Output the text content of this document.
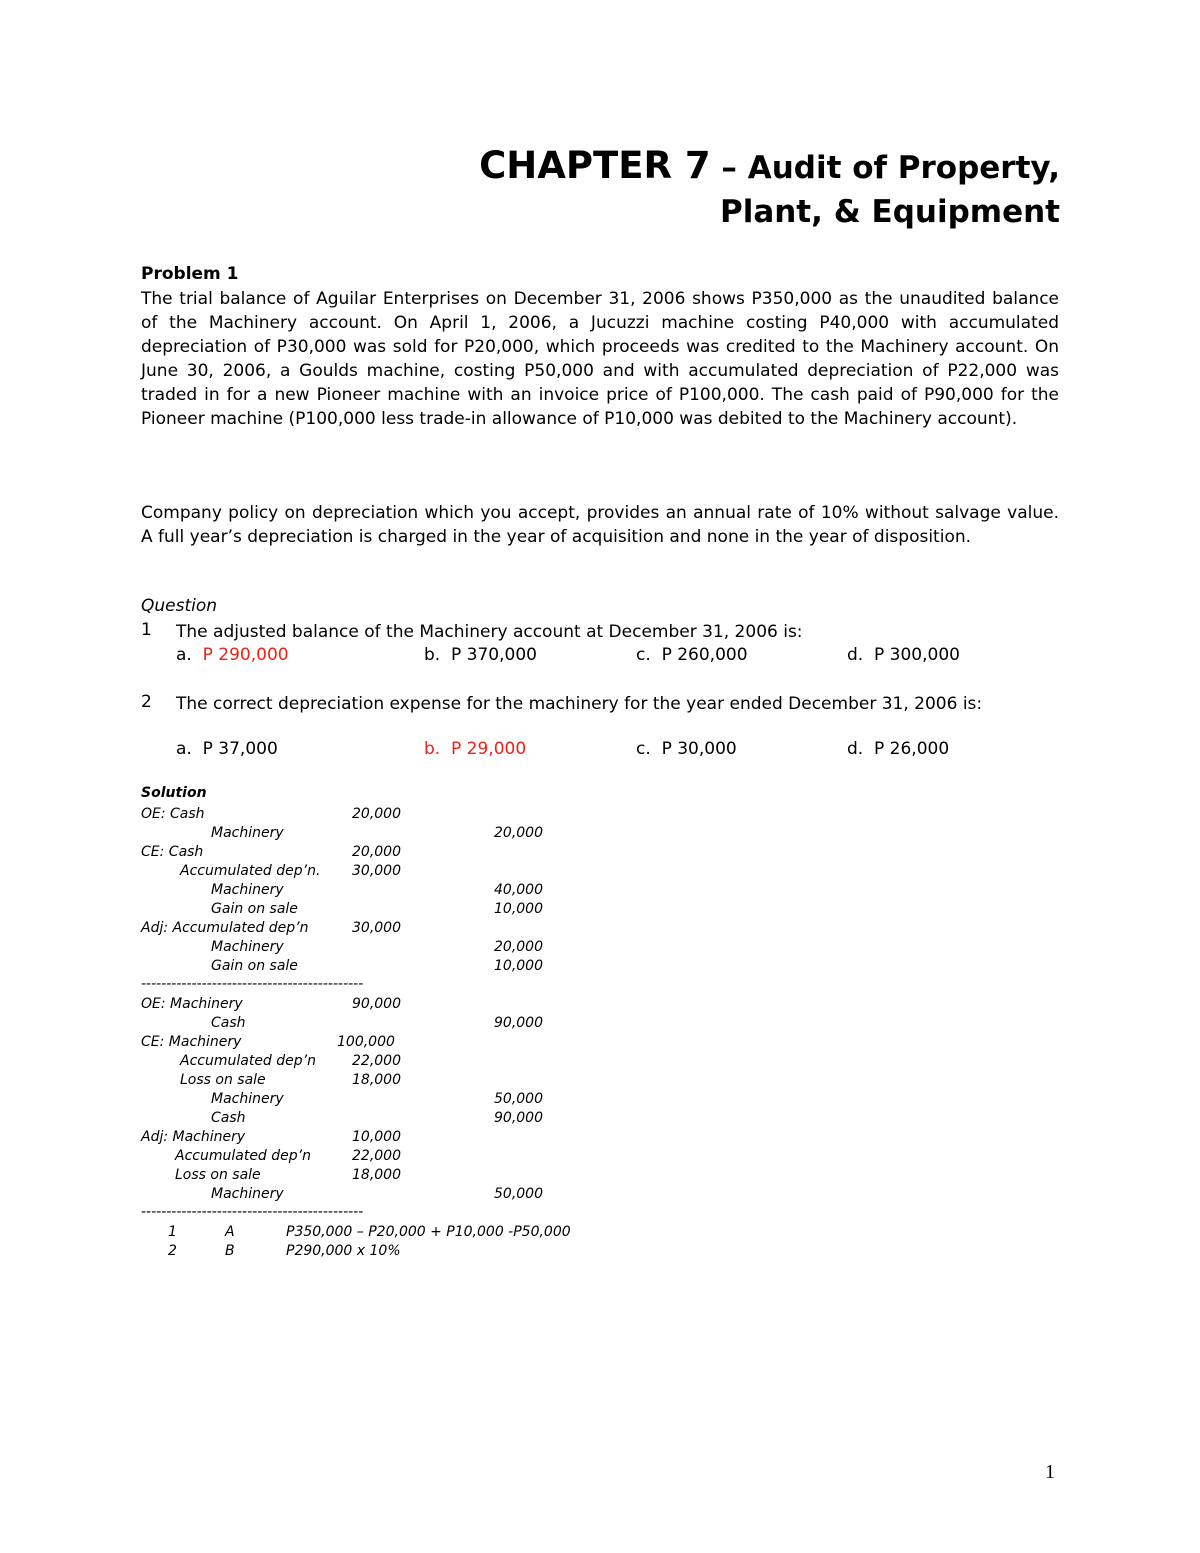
CHAPTER 7 – Audit of Property,
Plant, & Equipment
Problem 1
The trial balance of Aguilar Enterprises on December 31, 2006 shows P350,000 as the unaudited balance of the Machinery account. On April 1, 2006, a Jucuzzi machine costing P40,000 with accumulated depreciation of P30,000 was sold for P20,000, which proceeds was credited to the Machinery account. On June 30, 2006, a Goulds machine, costing P50,000 and with accumulated depreciation of P22,000 was traded in for a new Pioneer machine with an invoice price of P100,000. The cash paid of P90,000 for the Pioneer machine (P100,000 less trade-in allowance of P10,000 was debited to the Machinery account).
Company policy on depreciation which you accept, provides an annual rate of 10% without salvage value. A full year’s depreciation is charged in the year of acquisition and none in the year of disposition.
Question
1 The adjusted balance of the Machinery account at December 31, 2006 is:
a. P 290,000	b. P 370,000	c. P 260,000	d. P 300,000
2 The correct depreciation expense for the machinery for the year ended December 31, 2006 is:
a. P 37,000	b. P 29,000	c. P 30,000	d. P 26,000
Solution
OE: Cash	20,000
Machinery	20,000
CE: Cash	20,000
Accumulated dep’n. 30,000
Machinery	40,000
Gain on sale	10,000
Adj: Accumulated dep’n	30,000
Machinery	20,000
Gain on sale	10,000
--------------------------------------------
OE: Machinery	90,000
Cash	90,000
CE: Machinery	100,000
Accumulated dep’n	22,000
Loss on sale	18,000
Machinery	50,000
Cash	90,000
Adj: Machinery	10,000
Accumulated dep’n	22,000
Loss on sale	18,000
Machinery	50,000
--------------------------------------------
1	A	P350,000 – P20,000 + P10,000 -P50,000
2	B	P290,000 x 10%
1
